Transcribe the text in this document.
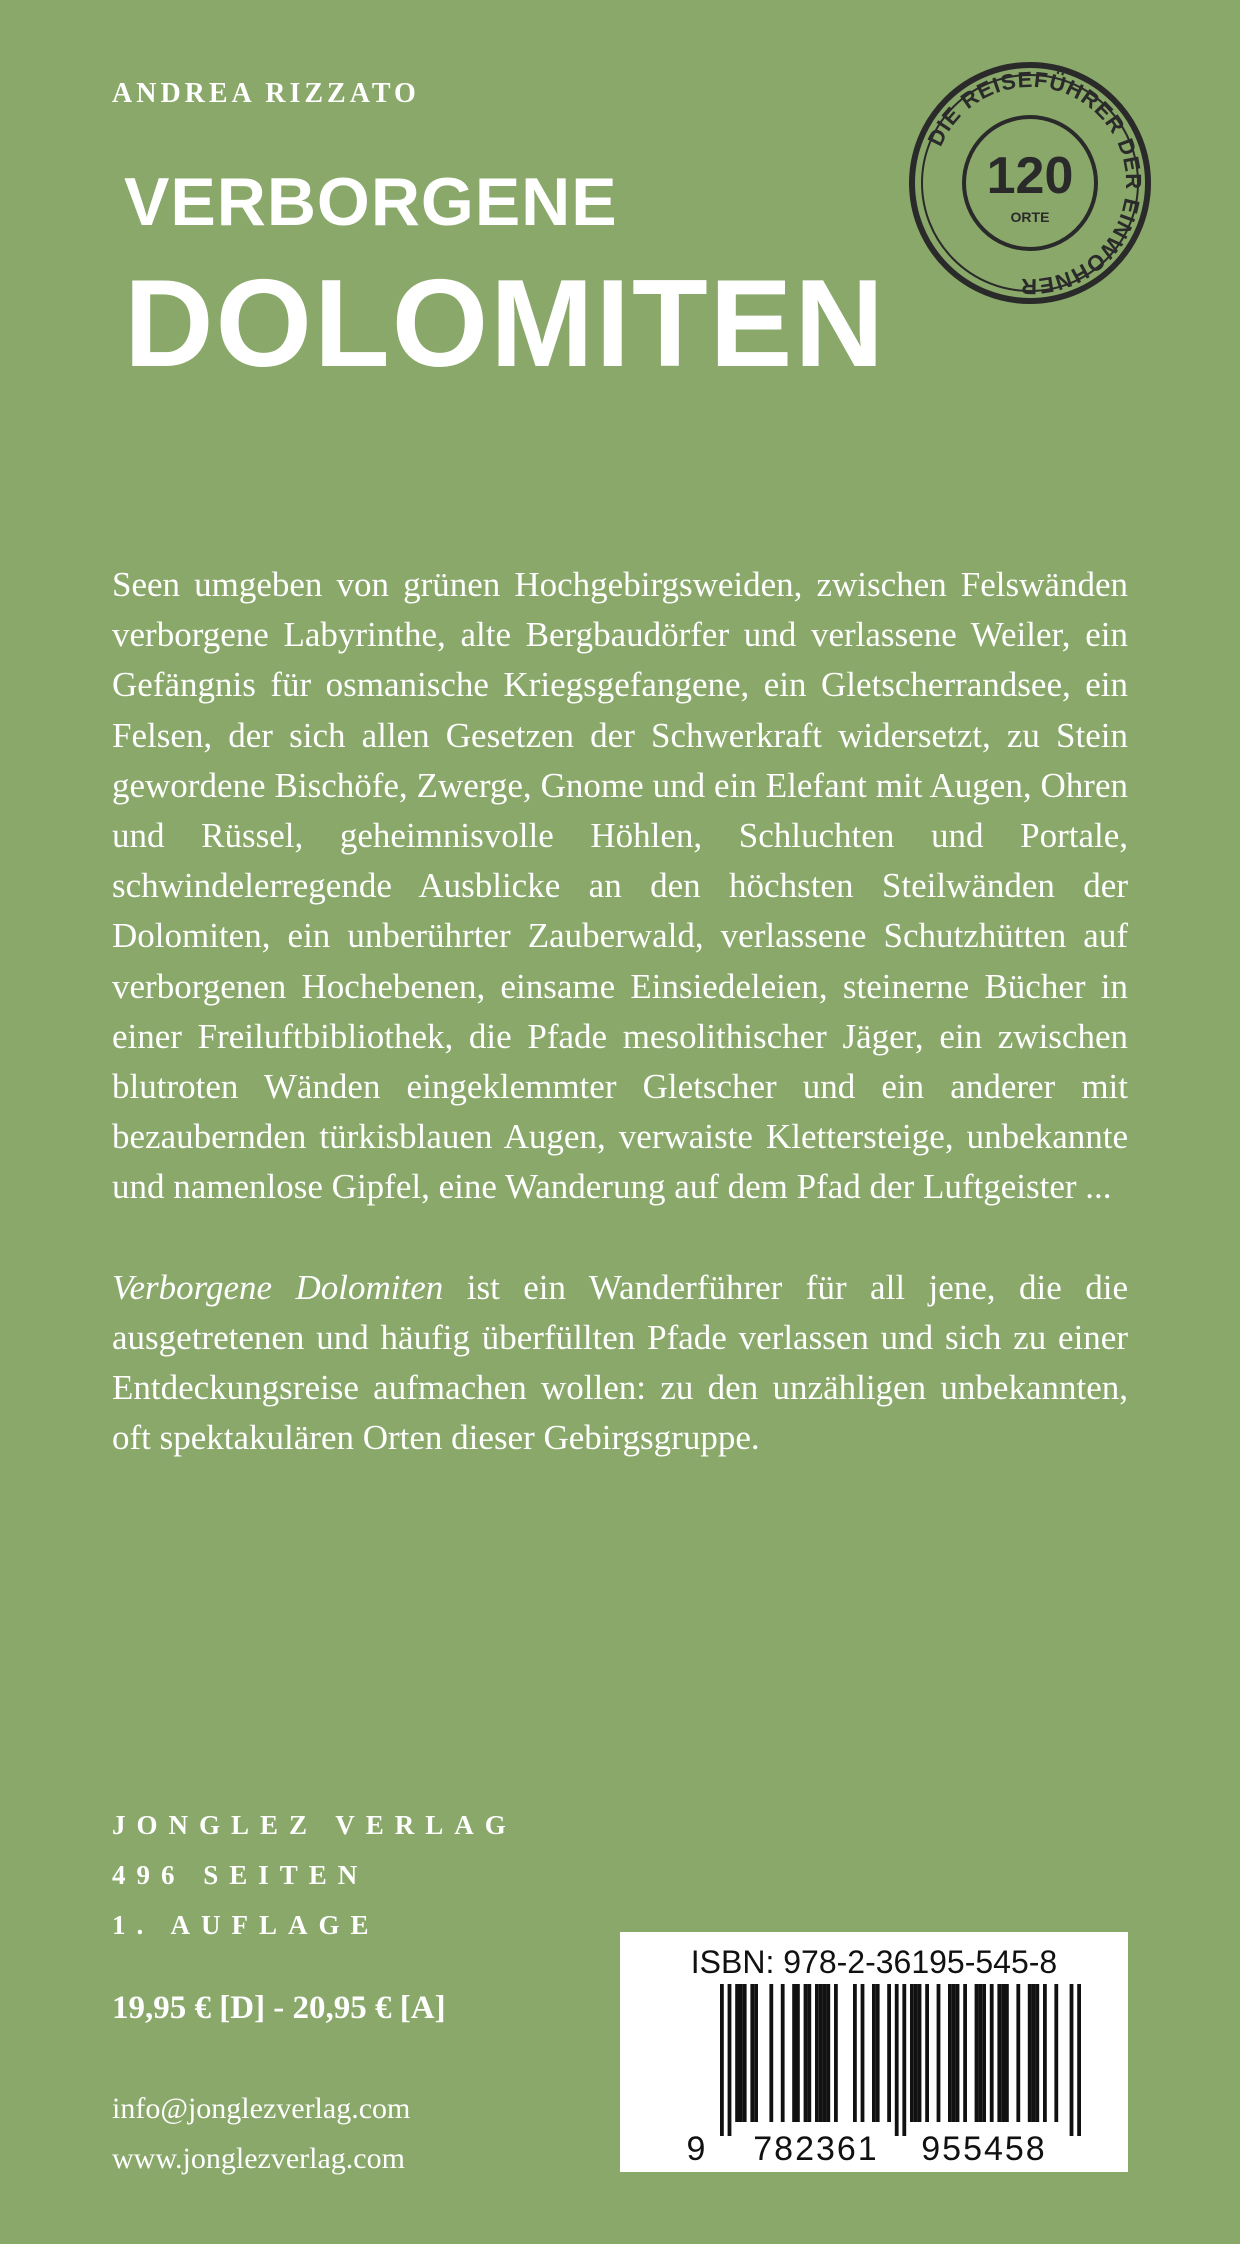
ANDREA RIZZATO
VERBORGENE
DOLOMITEN
DIE REISEFÜHRER DER EINWOHNER
120
ORTE

Seen umgeben von grünen Hochgebirgsweiden, zwischen Felswänden verborgene Labyrinthe, alte Bergbaudörfer und verlassene Weiler, ein Gefängnis für osmanische Kriegsgefangene, ein Gletscherrandsee, ein Felsen, der sich allen Gesetzen der Schwerkraft widersetzt, zu Stein gewordene Bischöfe, Zwerge, Gnome und ein Elefant mit Augen, Ohren und Rüssel, geheimnisvolle Höhlen, Schluchten und Portale, schwindelerregende Ausblicke an den höchsten Steilwänden der Dolomiten, ein unberührter Zauberwald, verlassene Schutzhütten auf verborgenen Hochebenen, einsame Einsiedeleien, steinerne Bücher in einer Freiluftbibliothek, die Pfade mesolithischer Jäger, ein zwischen blutroten Wänden eingeklemmter Gletscher und ein anderer mit bezaubernden türkisblauen Augen, verwaiste Klettersteige, unbekannte und namenlose Gipfel, eine Wanderung auf dem Pfad der Luftgeister ...

Verborgene Dolomiten ist ein Wanderführer für all jene, die die ausgetretenen und häufig überfüllten Pfade verlassen und sich zu einer Entdeckungsreise aufmachen wollen: zu den unzähligen unbekannten, oft spektakulären Orten dieser Gebirgsgruppe.

JONGLEZ VERLAG
496 SEITEN
1. AUFLAGE
19,95 € [D] - 20,95 € [A]
info@jonglezverlag.com
www.jonglezverlag.com
ISBN: 978-2-36195-545-8
9 782361 955458
